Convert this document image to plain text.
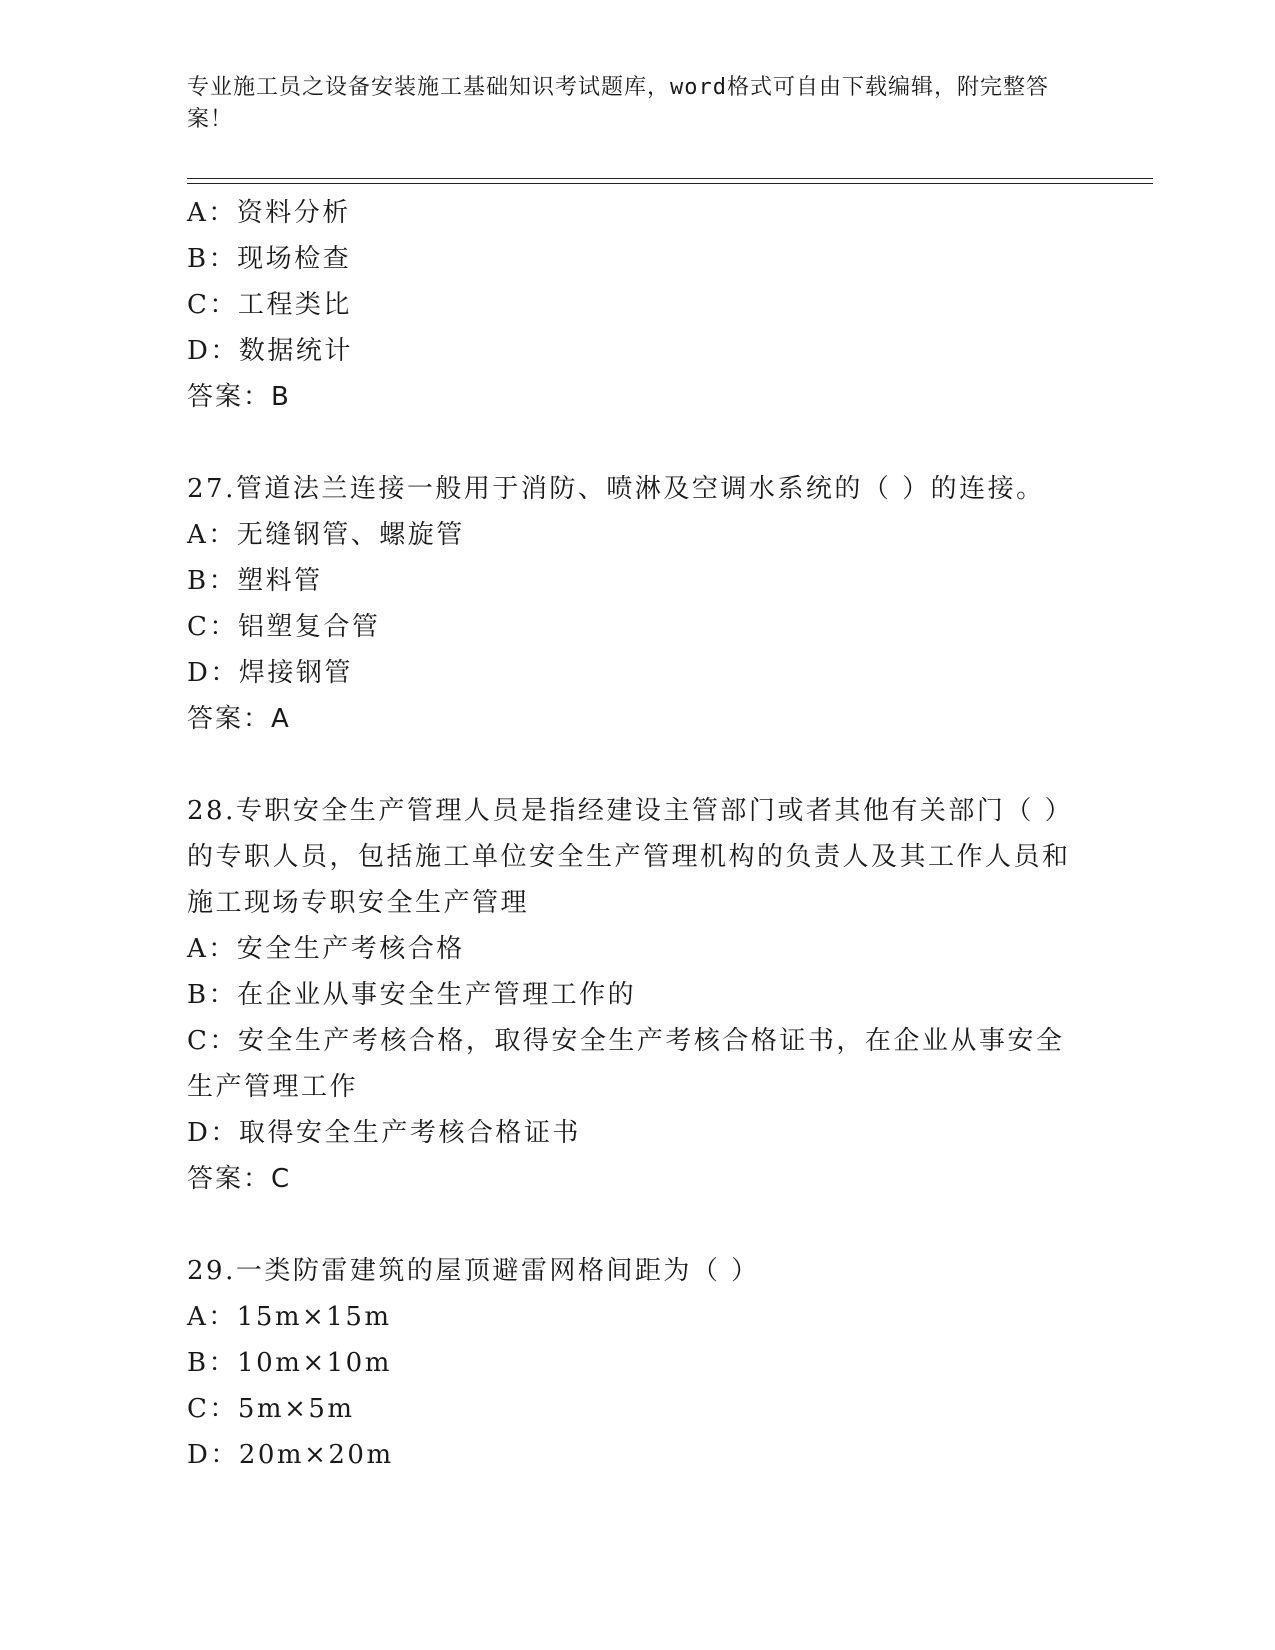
专业施工员之设备安装施工基础知识考试题库，word格式可自由下载编辑，附完整答案！
A：资料分析
B：现场检查
C：工程类比
D：数据统计
答案：B
27.管道法兰连接一般用于消防、喷淋及空调水系统的（ ）的连接。
A：无缝钢管、螺旋管
B：塑料管
C：铝塑复合管
D：焊接钢管
答案：A
28.专职安全生产管理人员是指经建设主管部门或者其他有关部门（ ）的专职人员，包括施工单位安全生产管理机构的负责人及其工作人员和施工现场专职安全生产管理
A：安全生产考核合格
B：在企业从事安全生产管理工作的
C：安全生产考核合格，取得安全生产考核合格证书，在企业从事安全生产管理工作
D：取得安全生产考核合格证书
答案：C
29.一类防雷建筑的屋顶避雷网格间距为（ ）
A：15m×15m
B：10m×10m
C：5m×5m
D：20m×20m
